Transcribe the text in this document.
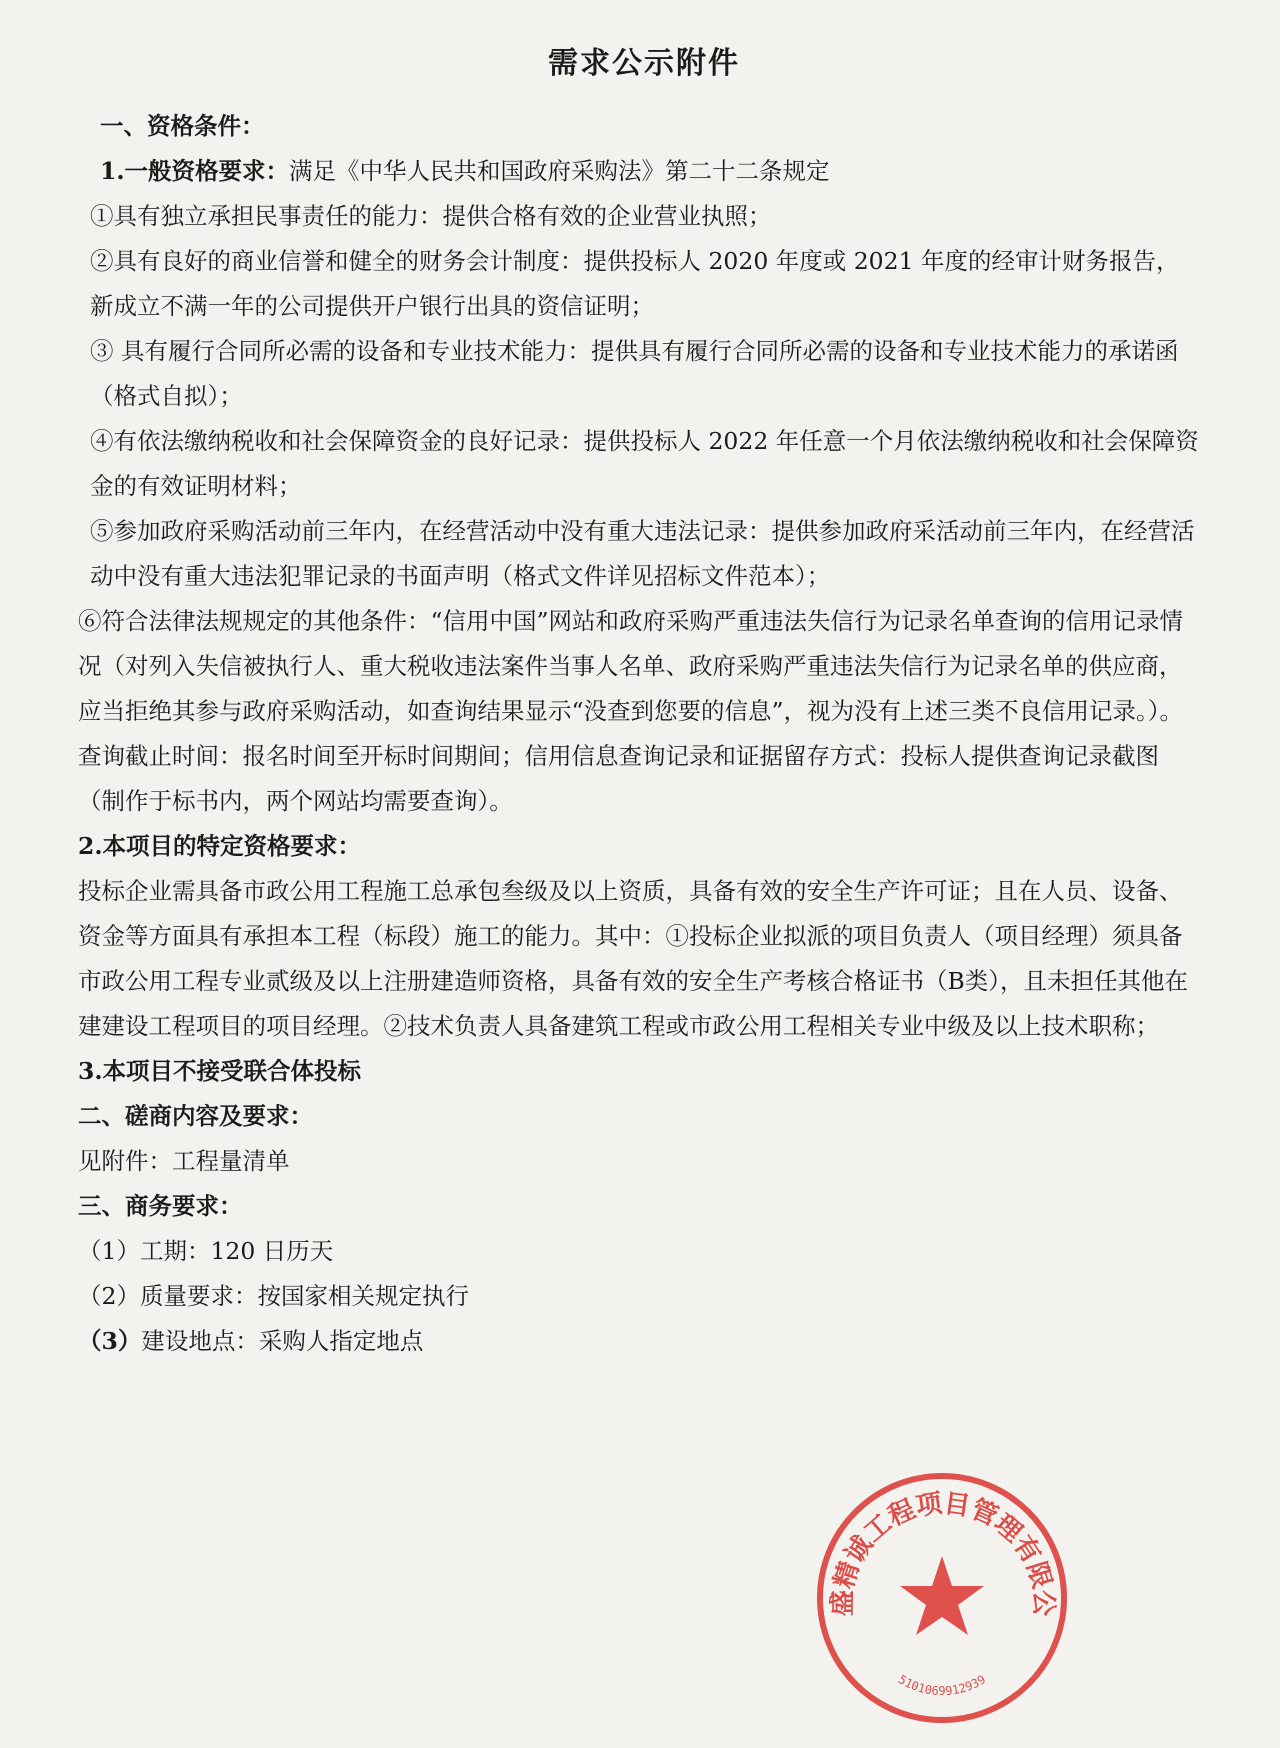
需求公示附件

一、资格条件：

1.一般资格要求：满足《中华人民共和国政府采购法》第二十二条规定

①具有独立承担民事责任的能力：提供合格有效的企业营业执照；

②具有良好的商业信誉和健全的财务会计制度：提供投标人 2020 年度或 2021 年度的经审计财务报告，新成立不满一年的公司提供开户银行出具的资信证明；

③ 具有履行合同所必需的设备和专业技术能力：提供具有履行合同所必需的设备和专业技术能力的承诺函（格式自拟）；

④有依法缴纳税收和社会保障资金的良好记录：提供投标人 2022 年任意一个月依法缴纳税收和社会保障资金的有效证明材料；

⑤参加政府采购活动前三年内，在经营活动中没有重大违法记录：提供参加政府采活动前三年内，在经营活动中没有重大违法犯罪记录的书面声明（格式文件详见招标文件范本）；

⑥符合法律法规规定的其他条件：“信用中国”网站和政府采购严重违法失信行为记录名单查询的信用记录情况（对列入失信被执行人、重大税收违法案件当事人名单、政府采购严重违法失信行为记录名单的供应商，应当拒绝其参与政府采购活动，如查询结果显示“没查到您要的信息”，视为没有上述三类不良信用记录。）。查询截止时间：报名时间至开标时间期间；信用信息查询记录和证据留存方式：投标人提供查询记录截图（制作于标书内，两个网站均需要查询）。

2.本项目的特定资格要求：

投标企业需具备市政公用工程施工总承包叁级及以上资质，具备有效的安全生产许可证；且在人员、设备、资金等方面具有承担本工程（标段）施工的能力。其中：①投标企业拟派的项目负责人（项目经理）须具备市政公用工程专业贰级及以上注册建造师资格，具备有效的安全生产考核合格证书（B类），且未担任其他在建建设工程项目的项目经理。②技术负责人具备建筑工程或市政公用工程相关专业中级及以上技术职称；

3.本项目不接受联合体投标

二、磋商内容及要求：

见附件：工程量清单

三、商务要求：

（1）工期：120 日历天

（2）质量要求：按国家相关规定执行

（3）建设地点：采购人指定地点

盛精诚工程项目管理有限公
5101069912939
